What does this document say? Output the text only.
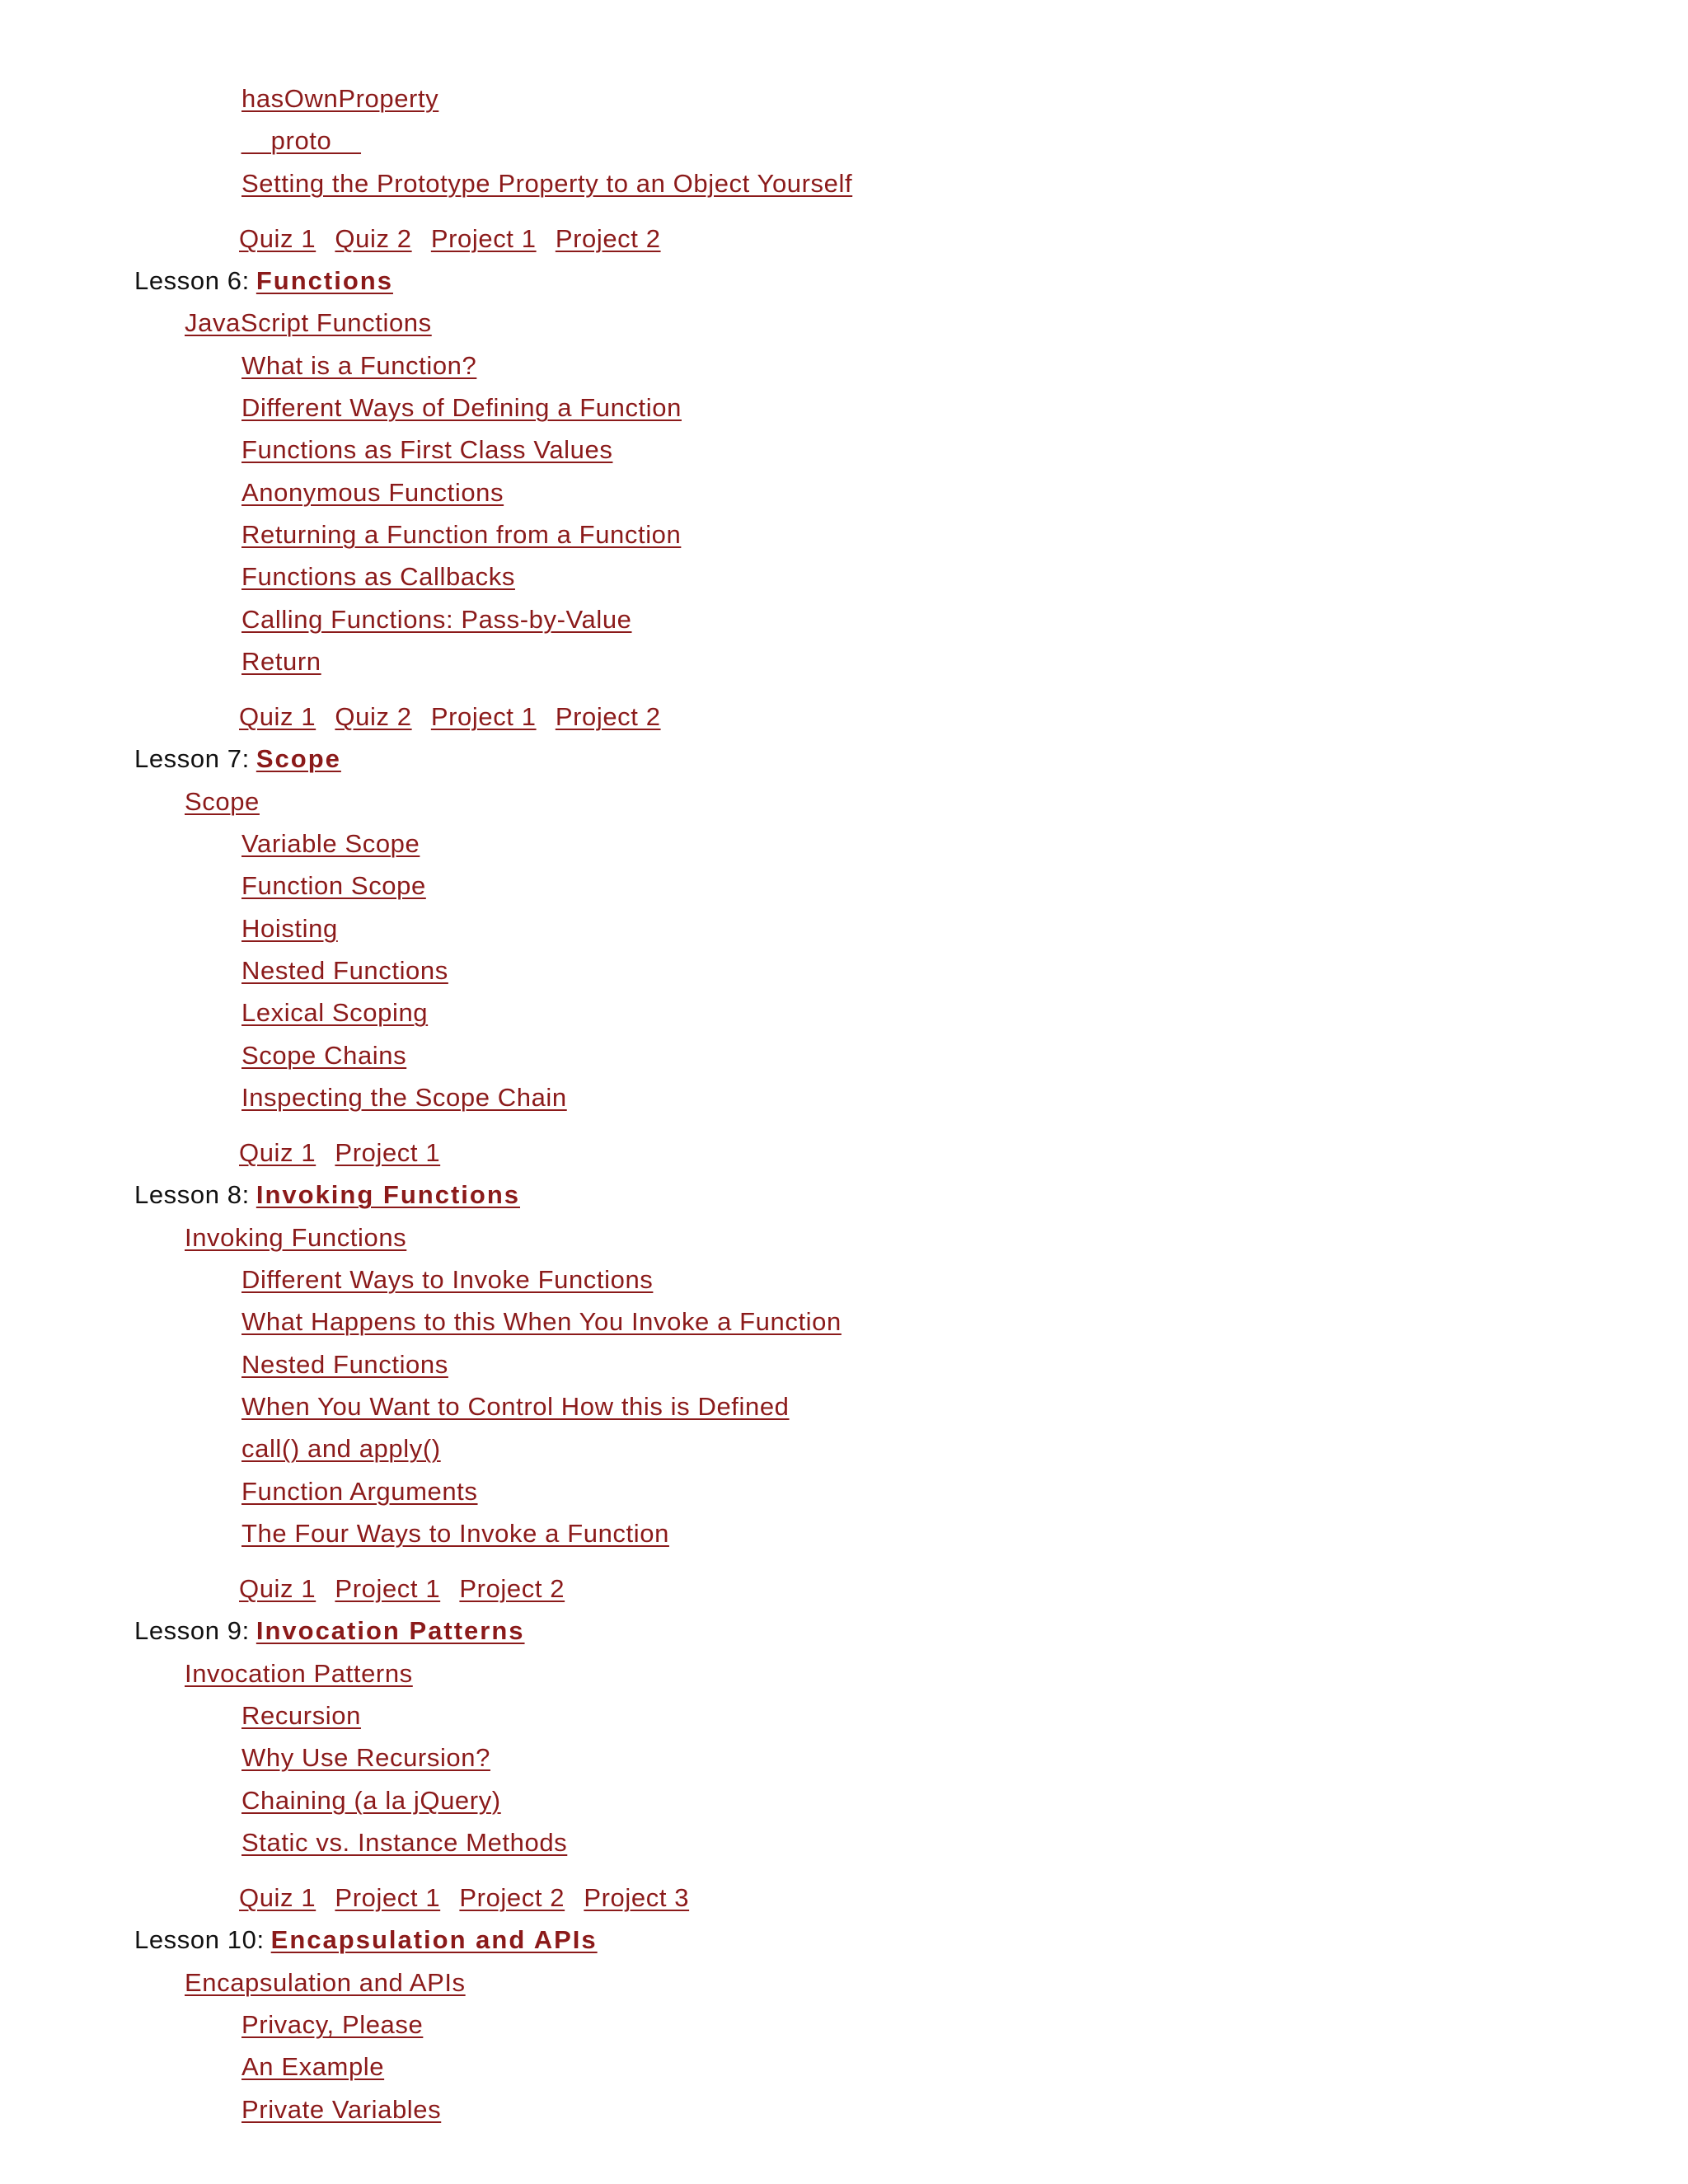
hasOwnProperty
__proto__
Setting the Prototype Property to an Object Yourself
Quiz 1 Quiz 2 Project 1 Project 2
Lesson 6: Functions
JavaScript Functions
What is a Function?
Different Ways of Defining a Function
Functions as First Class Values
Anonymous Functions
Returning a Function from a Function
Functions as Callbacks
Calling Functions: Pass-by-Value
Return
Quiz 1 Quiz 2 Project 1 Project 2
Lesson 7: Scope
Scope
Variable Scope
Function Scope
Hoisting
Nested Functions
Lexical Scoping
Scope Chains
Inspecting the Scope Chain
Quiz 1 Project 1
Lesson 8: Invoking Functions
Invoking Functions
Different Ways to Invoke Functions
What Happens to this When You Invoke a Function
Nested Functions
When You Want to Control How this is Defined
call() and apply()
Function Arguments
The Four Ways to Invoke a Function
Quiz 1 Project 1 Project 2
Lesson 9: Invocation Patterns
Invocation Patterns
Recursion
Why Use Recursion?
Chaining (a la jQuery)
Static vs. Instance Methods
Quiz 1 Project 1 Project 2 Project 3
Lesson 10: Encapsulation and APIs
Encapsulation and APIs
Privacy, Please
An Example
Private Variables
